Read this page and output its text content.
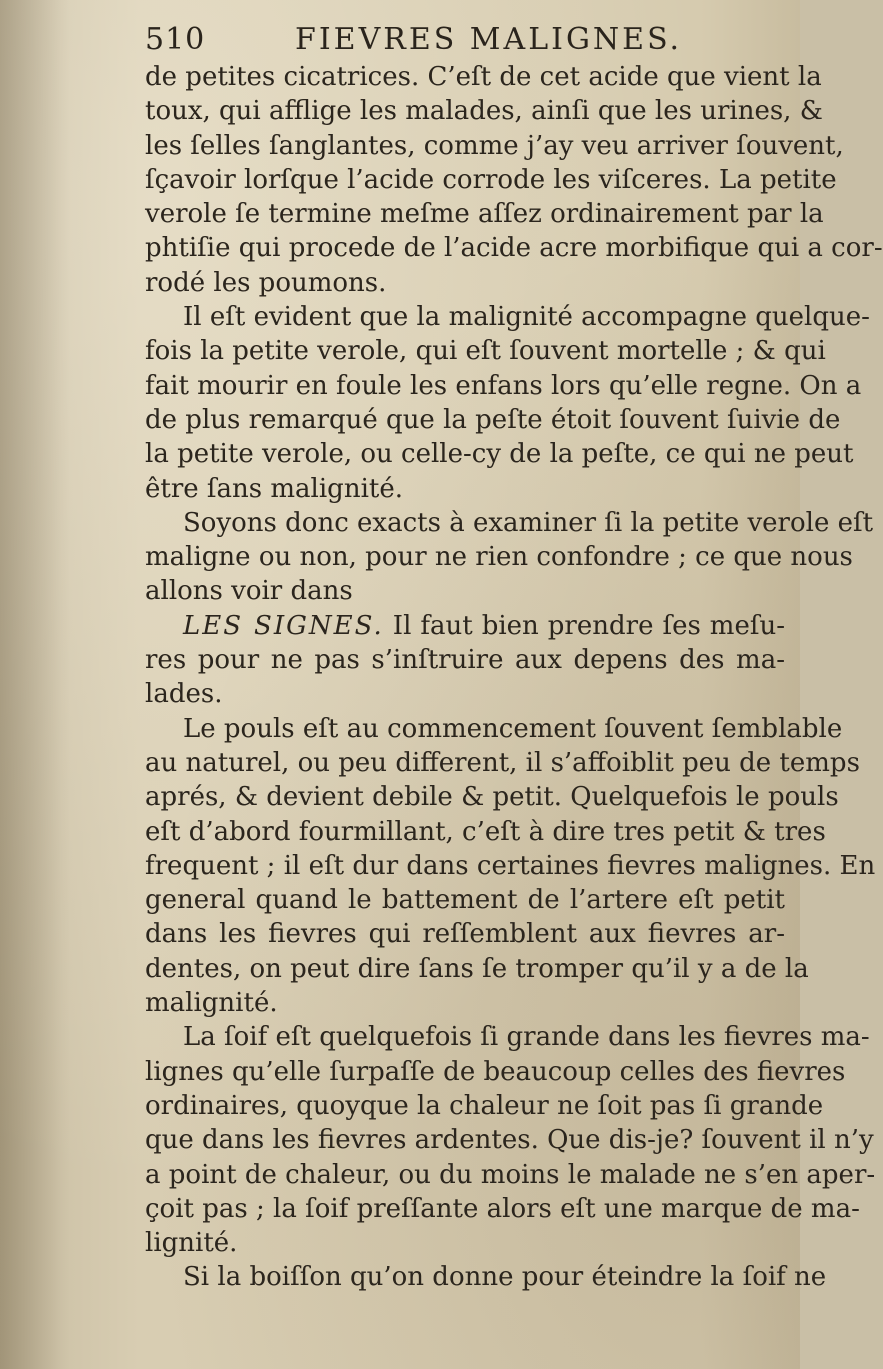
510	FIEVRES MALIGNES.
de petites cicatrices. C’eſt de cet acide que vient la
toux, qui afflige les malades, ainſi que les urines, &
les ſelles ſanglantes, comme j’ay veu arriver ſouvent,
ſçavoir lorſque l’acide corrode les viſceres. La petite
verole ſe termine meſme aſſez ordinairement par la
phtiſie qui procede de l’acide acre morbifique qui a cor-
rodé les poumons.
Il eſt evident que la malignité accompagne quelque-
fois la petite verole, qui eſt ſouvent mortelle ; & qui
fait mourir en foule les enfans lors qu’elle regne. On a
de plus remarqué que la peſte étoit ſouvent ſuivie de
la petite verole, ou celle-cy de la peſte, ce qui ne peut
être ſans malignité.
Soyons donc exacts à examiner ſi la petite verole eſt
maligne ou non, pour ne rien confondre ; ce que nous
allons voir dans
LES SIGNES. Il faut bien prendre ſes meſu-
res pour ne pas s’inſtruire aux depens des ma-
lades.
Le pouls eſt au commencement ſouvent ſemblable
au naturel, ou peu different, il s’affoiblit peu de temps
aprés, & devient debile & petit. Quelquefois le pouls
eſt d’abord fourmillant, c’eſt à dire tres petit & tres
frequent ; il eſt dur dans certaines fievres malignes. En
general quand le battement de l’artere eſt petit
dans les fievres qui reſſemblent aux fievres ar-
dentes, on peut dire ſans ſe tromper qu’il y a de la
malignité.
La ſoif eſt quelquefois ſi grande dans les fievres ma-
lignes qu’elle ſurpaſſe de beaucoup celles des fievres
ordinaires, quoyque la chaleur ne ſoit pas ſi grande
que dans les fievres ardentes. Que dis-je? ſouvent il n’y
a point de chaleur, ou du moins le malade ne s’en aper-
çoit pas ; la ſoif preſſante alors eſt une marque de ma-
lignité.
Si la boiſſon qu’on donne pour éteindre la ſoif ne
